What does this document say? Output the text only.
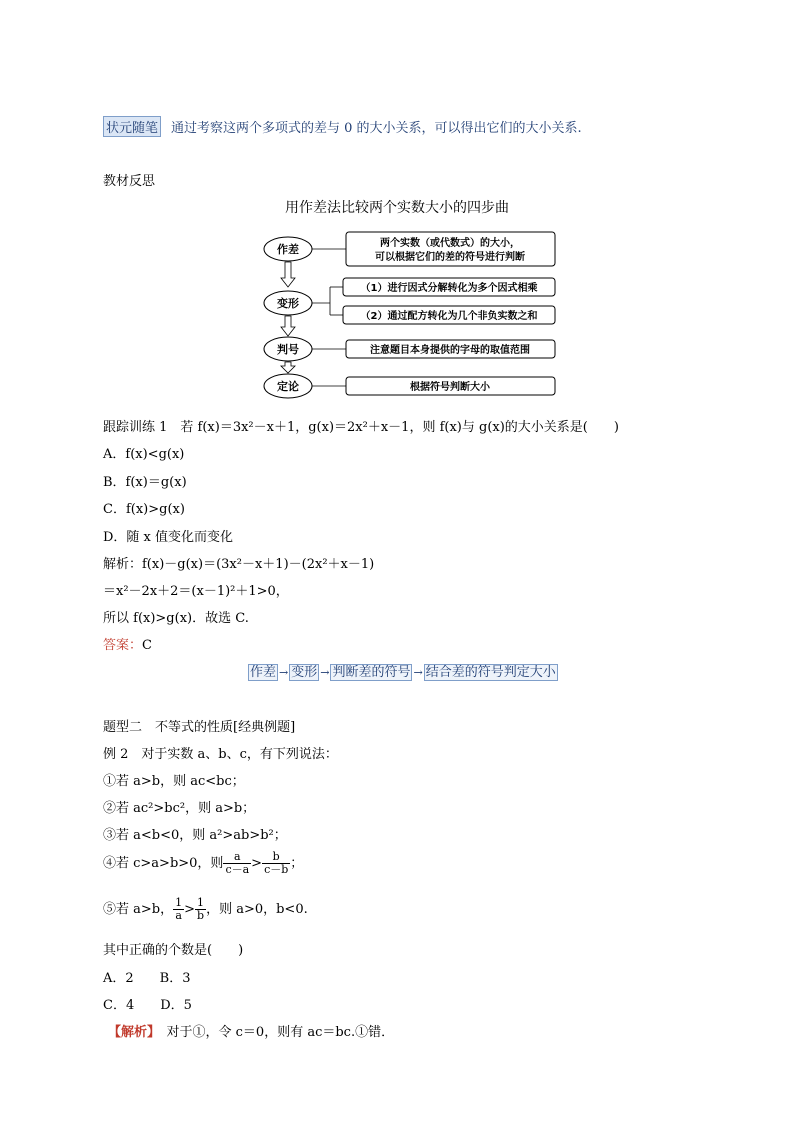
状元随笔 通过考察这两个多项式的差与 0 的大小关系，可以得出它们的大小关系.
教材反思
用作差法比较两个实数大小的四步曲
作差
变形
判号
定论
两个实数（或代数式）的大小，
可以根据它们的差的符号进行判断
（1）进行因式分解转化为多个因式相乘
（2）通过配方转化为几个非负实数之和
注意题目本身提供的字母的取值范围
根据符号判断大小
跟踪训练 1　若 f(x)＝3x²－x＋1，g(x)＝2x²＋x－1，则 f(x)与 g(x)的大小关系是(　　)
A．f(x)<g(x)
B．f(x)＝g(x)
C．f(x)>g(x)
D．随 x 值变化而变化
解析：f(x)－g(x)＝(3x²－x＋1)－(2x²＋x－1)
＝x²－2x＋2＝(x－1)²＋1>0，
所以 f(x)>g(x)．故选 C.
答案：C
作差 → 变形 → 判断差的符号 → 结合差的符号判定大小
题型二　不等式的性质[经典例题]
例 2　对于实数 a、b、c，有下列说法：
①若 a>b，则 ac<bc；
②若 ac²>bc²，则 a>b；
③若 a<b<0，则 a²>ab>b²；
④若 c>a>b>0，则 $\frac{a}{c-a} > \frac{b}{c-b}$ ；
⑤若 a>b， $\frac{1}{a} > \frac{1}{b}$ ，则 a>0，b<0.
其中正确的个数是(　　)
A．2　　B．3
C．4　　D．5
【解析】　对于①，令 c＝0，则有 ac＝bc.①错．
